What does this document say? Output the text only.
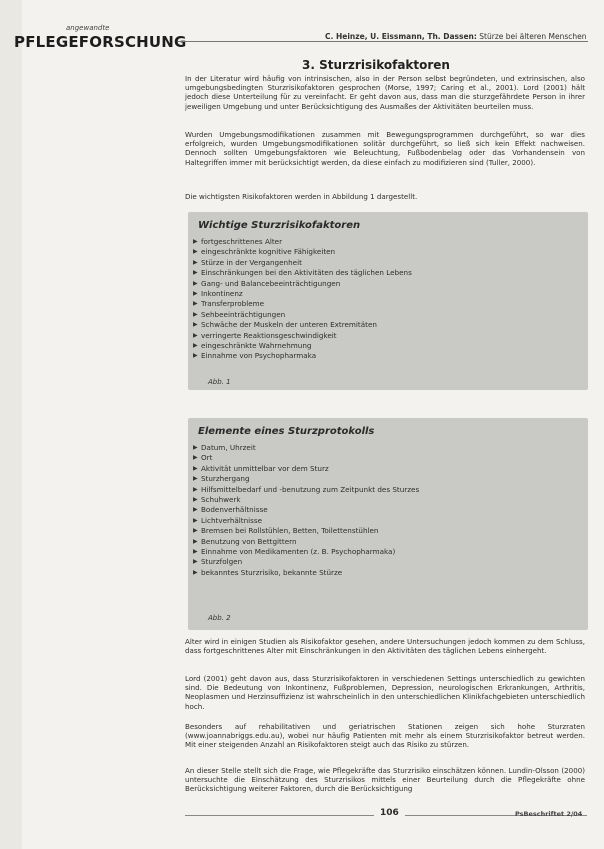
angewandte
PFLEGEFORSCHUNG	C. Heinze, U. Eissmann, Th. Dassen: Stürze bei älteren Menschen
3. Sturzrisikofaktoren
In der Literatur wird häufig von intrinsischen, also in der Person selbst begründeten, und extrinsischen, also umgebungsbedingten Sturzrisikofaktoren gesprochen (Morse, 1997; Caring et al., 2001). Lord (2001) hält jedoch diese Unterteilung für zu vereinfacht. Er geht davon aus, dass man die sturzgefährdete Person in ihrer jeweiligen Umgebung und unter Berücksichtigung des Ausmaßes der Aktivitäten beurteilen muss.
Wurden Umgebungsmodifikationen zusammen mit Bewegungsprogrammen durchgeführt, so war dies erfolgreich, wurden Umgebungsmodifikationen solitär durchgeführt, so ließ sich kein Effekt nachweisen. Dennoch sollten Umgebungsfaktoren wie Beleuchtung, Fußbodenbelag oder das Vorhandensein von Haltegriffen immer mit berücksichtigt werden, da diese einfach zu modifizieren sind (Tuller, 2000).
Die wichtigsten Risikofaktoren werden in Abbildung 1 dargestellt.
Wichtige Sturzrisikofaktoren
▶ fortgeschrittenes Alter
▶ eingeschränkte kognitive Fähigkeiten
▶ Stürze in der Vergangenheit
▶ Einschränkungen bei den Aktivitäten des täglichen Lebens
▶ Gang- und Balancebeeinträchtigungen
▶ Inkontinenz
▶ Transferprobleme
▶ Sehbeeinträchtigungen
▶ Schwäche der Muskeln der unteren Extremitäten
▶ verringerte Reaktionsgeschwindigkeit
▶ eingeschränkte Wahrnehmung
▶ Einnahme von Psychopharmaka
Abb. 1
Elemente eines Sturzprotokolls
▶ Datum, Uhrzeit
▶ Ort
▶ Aktivität unmittelbar vor dem Sturz
▶ Sturzhergang
▶ Hilfsmittelbedarf und -benutzung zum Zeitpunkt des Sturzes
▶ Schuhwerk
▶ Bodenverhältnisse
▶ Lichtverhältnisse
▶ Bremsen bei Rollstühlen, Betten, Toilettenstühlen
▶ Benutzung von Bettgittern
▶ Einnahme von Medikamenten (z. B. Psychopharmaka)
▶ Sturzfolgen
▶ bekanntes Sturzrisiko, bekannte Stürze
Abb. 2
Alter wird in einigen Studien als Risikofaktor gesehen, andere Untersuchungen jedoch kommen zu dem Schluss, dass fortgeschrittenes Alter mit Einschränkungen in den Aktivitäten des täglichen Lebens einhergeht.
Lord (2001) geht davon aus, dass Sturzrisikofaktoren in verschiedenen Settings unterschiedlich zu gewichten sind. Die Bedeutung von Inkontinenz, Fußproblemen, Depression, neurologischen Erkrankungen, Arthritis, Neoplasmen und Herzinsuffizienz ist wahrscheinlich in den unterschiedlichen Klinikfachgebieten unterschiedlich hoch.
Besonders auf rehabilitativen und geriatrischen Stationen zeigen sich hohe Sturzraten (www.joannabriggs.edu.au), wobei nur häufig Patienten mit mehr als einem Sturzrisikofaktor betreut werden. Mit einer steigenden Anzahl an Risikofaktoren steigt auch das Risiko zu stürzen.
An dieser Stelle stellt sich die Frage, wie Pflegekräfte das Sturzrisiko einschätzen können. Lundin-Olsson (2000) untersuchte die Einschätzung des Sturzrisikos mittels einer Beurteilung durch die Pflegekräfte ohne Berücksichtigung weiterer Faktoren, durch die Berücksichtigung
106	PsBeschriftet 2/04
